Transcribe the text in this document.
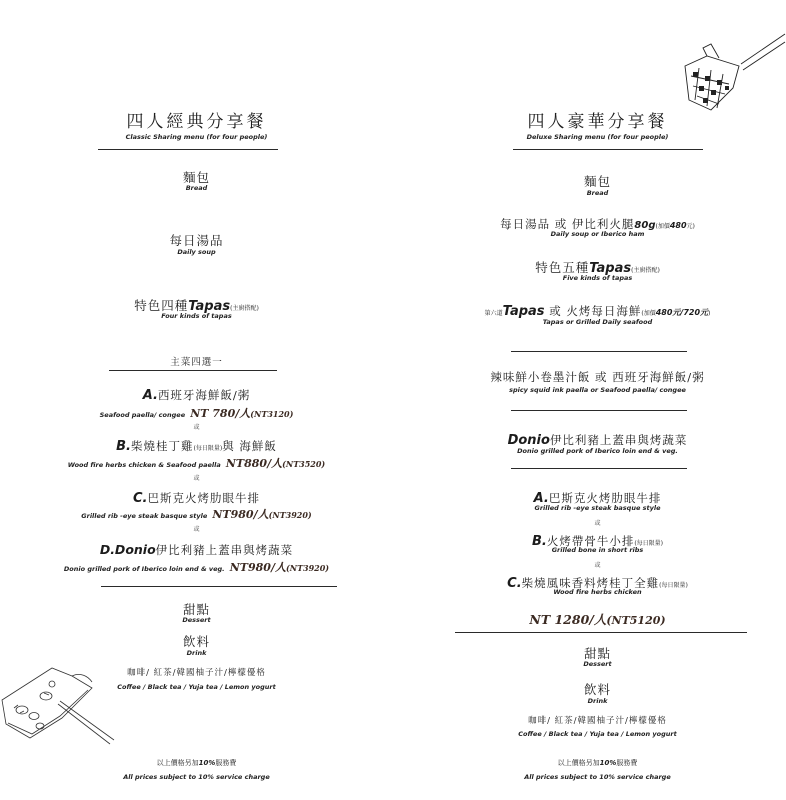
四人經典分享餐
Classic Sharing menu (for four people)
麵包
Bread
每日湯品
Daily soup
特色四種Tapas(主廚搭配)
Four kinds of tapas
主菜四選一
A.西班牙海鮮飯/粥
Seafood paella/ congee NT 780/人(NT3120)
或
B.柴燒桂丁雞(每日限量)與 海鮮飯
Wood fire herbs chicken & Seafood paella NT880/人(NT3520)
或
C.巴斯克火烤肋眼牛排
Grilled rib -eye steak basque style NT980/人(NT3920)
或
D.Donio伊比利豬上蓋串與烤蔬菜
Donio grilled pork of Iberico loin end & veg. NT980/人(NT3920)
甜點
Dessert
飲料
Drink
咖啡/ 紅茶/韓國柚子汁/檸檬優格
Coffee / Black tea / Yuja tea / Lemon yogurt
以上價格另加10%服務費
All prices subject to 10% service charge
四人豪華分享餐
Deluxe Sharing menu (for four people)
麵包
Bread
每日湯品 或 伊比利火腿80g(加價480元)
Daily soup or Iberico ham
特色五種Tapas(主廚搭配)
Five kinds of tapas
第六道Tapas 或 火烤每日海鮮(加價480元/720元)
Tapas or Grilled Daily seafood
辣味鮮小卷墨汁飯 或 西班牙海鮮飯/粥
spicy squid ink paella or Seafood paella/ congee
Donio伊比利豬上蓋串與烤蔬菜
Donio grilled pork of Iberico loin end & veg.
A.巴斯克火烤肋眼牛排
Grilled rib -eye steak basque style
或
B.火烤帶骨牛小排(每日限量)
Grilled bone in short ribs
或
C.柴燒風味香料烤桂丁全雞(每日限量)
Wood fire herbs chicken
NT 1280/人(NT5120)
甜點
Dessert
飲料
Drink
咖啡/ 紅茶/韓國柚子汁/檸檬優格
Coffee / Black tea / Yuja tea / Lemon yogurt
以上價格另加10%服務費
All prices subject to 10% service charge
